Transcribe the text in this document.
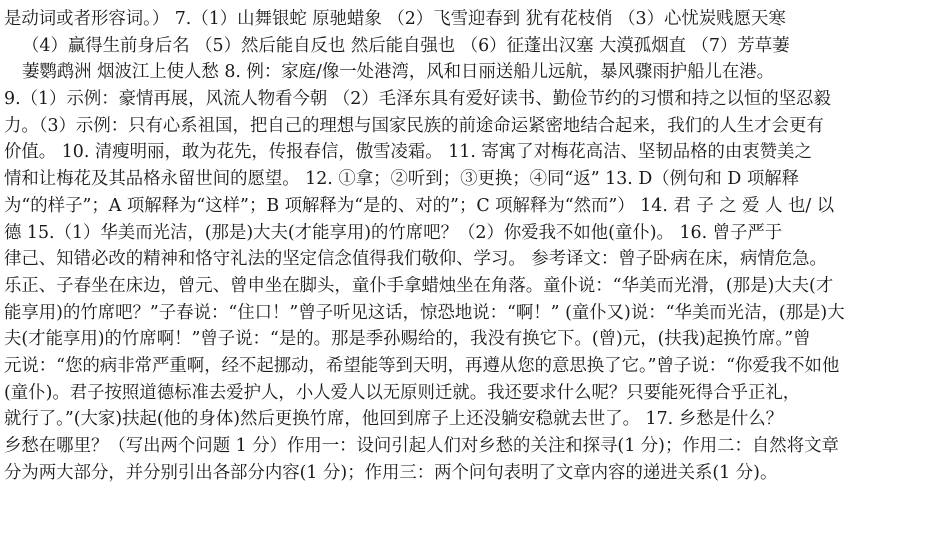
是动词或者形容词。） 7.（1）山舞银蛇 原驰蜡象 （2）飞雪迎春到 犹有花枝俏 （3）心忧炭贱愿天寒
（4）赢得生前身后名 （5）然后能自反也 然后能自强也 （6）征蓬出汉塞 大漠孤烟直 （7）芳草萋
萋鹦鹉洲 烟波江上使人愁 8. 例：家庭/像一处港湾，风和日丽送船儿远航，暴风骤雨护船儿在港。
9.（1）示例：豪情再展，风流人物看今朝 （2）毛泽东具有爱好读书、勤俭节约的习惯和持之以恒的坚忍毅
力。（3）示例：只有心系祖国，把自己的理想与国家民族的前途命运紧密地结合起来，我们的人生才会更有
价值。 10. 清瘦明丽，敢为花先，传报春信，傲雪凌霜。 11. 寄寓了对梅花高洁、坚韧品格的由衷赞美之
情和让梅花及其品格永留世间的愿望。 12. ①拿；②听到；③更换；④同“返” 13. D（例句和 D 项解释
为“的样子”；A 项解释为“这样”；B 项解释为“是的、对的”；C 项解释为“然而”） 14. 君 子 之 爱 人 也/ 以
德 15.（1）华美而光洁，(那是)大夫(才能享用)的竹席吧？（2）你爱我不如他(童仆)。 16. 曾子严于
律己、知错必改的精神和恪守礼法的坚定信念值得我们敬仰、学习。 参考译文：曾子卧病在床，病情危急。
乐正、子春坐在床边，曾元、曾申坐在脚头，童仆手拿蜡烛坐在角落。童仆说：“华美而光滑，(那是)大夫(才
能享用)的竹席吧？”子春说：“住口！”曾子听见这话，惊恐地说：“啊！” (童仆又)说：“华美而光洁，(那是)大
夫(才能享用)的竹席啊！”曾子说：“是的。那是季孙赐给的，我没有换它下。(曾)元，(扶我)起换竹席。”曾
元说：“您的病非常严重啊，经不起挪动，希望能等到天明，再遵从您的意思换了它。”曾子说：“你爱我不如他
(童仆)。君子按照道德标准去爱护人，小人爱人以无原则迁就。我还要求什么呢？只要能死得合乎正礼，
就行了。”(大家)扶起(他的身体)然后更换竹席，他回到席子上还没躺安稳就去世了。 17. 乡愁是什么？
乡愁在哪里？（写出两个问题 1 分）作用一：设问引起人们对乡愁的关注和探寻(1 分)；作用二：自然将文章
分为两大部分，并分别引出各部分内容(1 分)；作用三：两个问句表明了文章内容的递进关系(1 分)。
